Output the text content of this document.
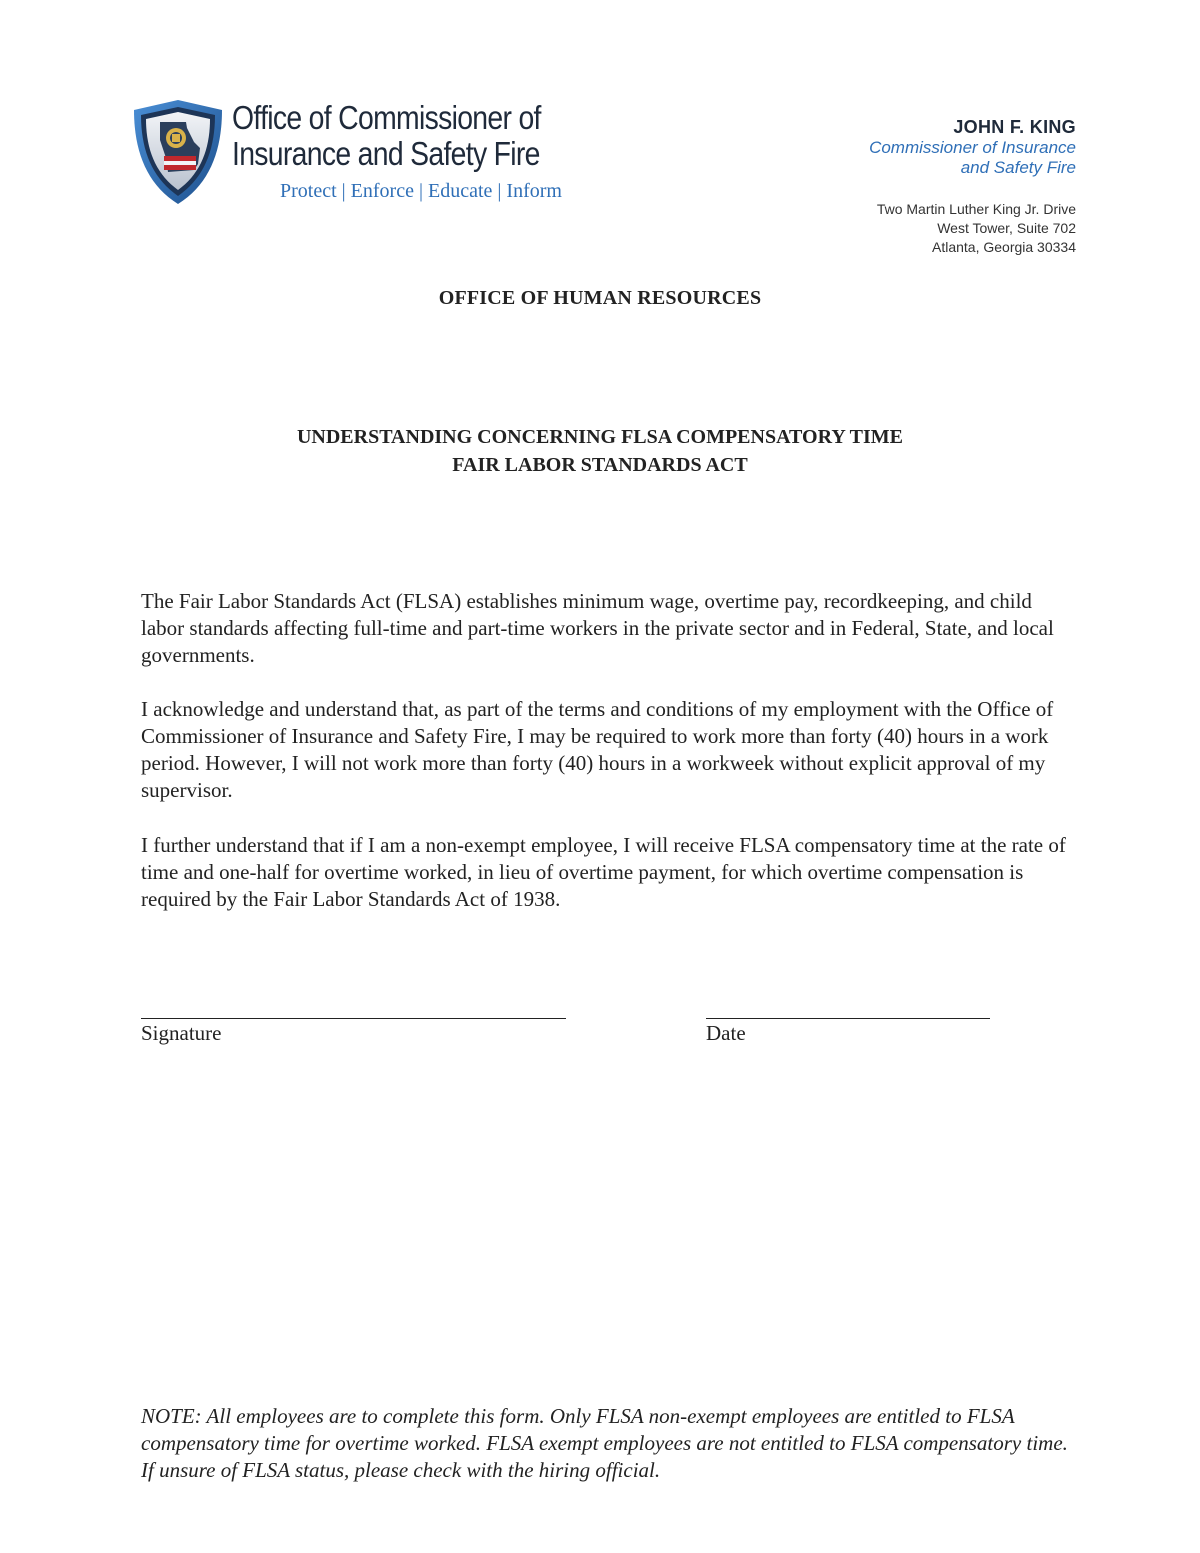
Office of Commissioner of
Insurance and Safety Fire
Protect | Enforce | Educate | Inform
JOHN F. KING
Commissioner of Insurance
and Safety Fire
Two Martin Luther King Jr. Drive
West Tower, Suite 702
Atlanta, Georgia 30334
OFFICE OF HUMAN RESOURCES
UNDERSTANDING CONCERNING FLSA COMPENSATORY TIME
FAIR LABOR STANDARDS ACT

The Fair Labor Standards Act (FLSA) establishes minimum wage, overtime pay, recordkeeping, and child labor standards affecting full-time and part-time workers in the private sector and in Federal, State, and local governments.

I acknowledge and understand that, as part of the terms and conditions of my employment with the Office of Commissioner of Insurance and Safety Fire, I may be required to work more than forty (40) hours in a work period. However, I will not work more than forty (40) hours in a workweek without explicit approval of my supervisor.

I further understand that if I am a non-exempt employee, I will receive FLSA compensatory time at the rate of time and one-half for overtime worked, in lieu of overtime payment, for which overtime compensation is required by the Fair Labor Standards Act of 1938.

Signature	Date

NOTE: All employees are to complete this form. Only FLSA non-exempt employees are entitled to FLSA compensatory time for overtime worked. FLSA exempt employees are not entitled to FLSA compensatory time. If unsure of FLSA status, please check with the hiring official.
